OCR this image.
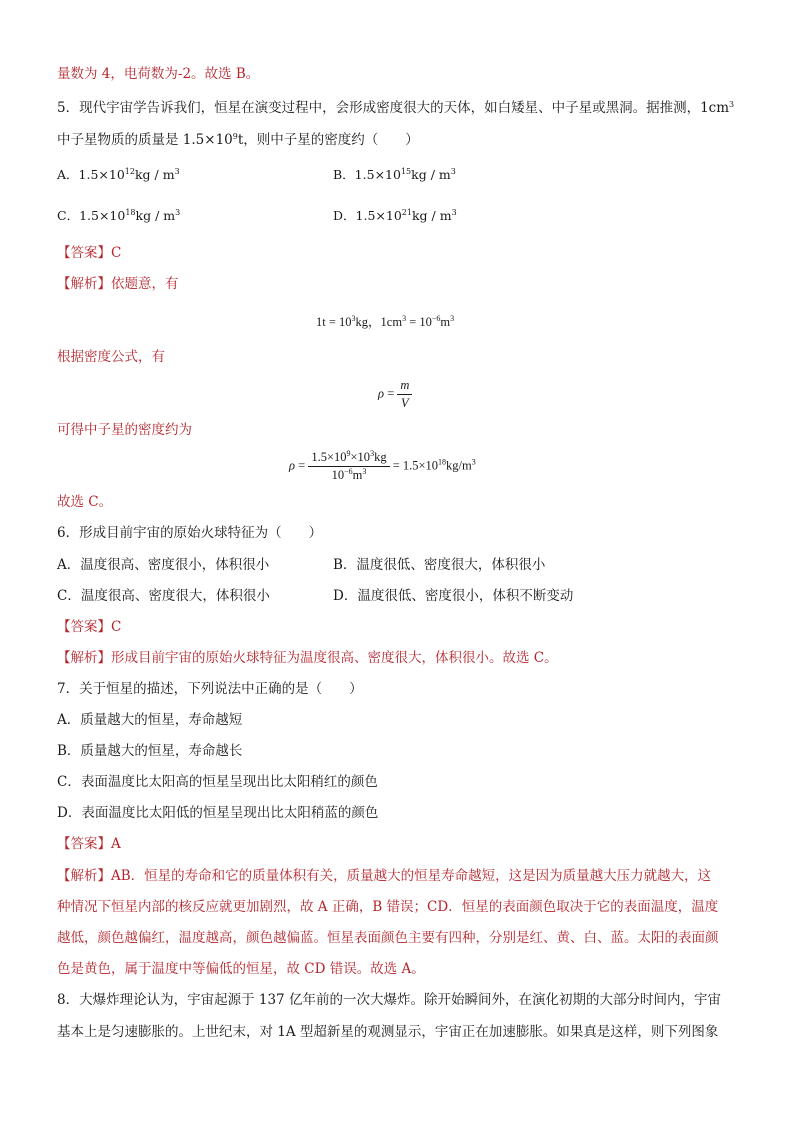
量数为 4，电荷数为-2。故选 B。
5．现代宇宙学告诉我们，恒星在演变过程中，会形成密度很大的天体，如白矮星、中子星或黑洞。据推测，$1cm^3$
中子星物质的质量是 $1.5\times 10^9t$，则中子星的密度约（　　）
A．$1.5\times 10^{12}kg / m^3$	B．$1.5\times 10^{15}kg / m^3$
C．$1.5\times 10^{18}kg / m^3$	D．$1.5\times 10^{21}kg / m^3$
【答案】C
【解析】依题意，有
$1t = 10^3kg$，$1cm^3 = 10^{-6}m^3$
根据密度公式，有
$\rho = \frac{m}{V}$
可得中子星的密度约为
$\rho = \frac{1.5\times 10^9\times 10^3kg}{10^{-6}m^3} = 1.5\times 10^{18}kg/m^3$
故选 C。
6．形成目前宇宙的原始火球特征为（　　）
A．温度很高、密度很小，体积很小	B．温度很低、密度很大，体积很小
C．温度很高、密度很大，体积很小	D．温度很低、密度很小，体积不断变动
【答案】C
【解析】形成目前宇宙的原始火球特征为温度很高、密度很大，体积很小。故选 C。
7．关于恒星的描述，下列说法中正确的是（　　）
A．质量越大的恒星，寿命越短
B．质量越大的恒星，寿命越长
C．表面温度比太阳高的恒星呈现出比太阳稍红的颜色
D．表面温度比太阳低的恒星呈现出比太阳稍蓝的颜色
【答案】A
【解析】AB．恒星的寿命和它的质量体积有关，质量越大的恒星寿命越短，这是因为质量越大压力就越大，这
种情况下恒星内部的核反应就更加剧烈，故 A 正确，B 错误；CD．恒星的表面颜色取决于它的表面温度，温度
越低，颜色越偏红，温度越高，颜色越偏蓝。恒星表面颜色主要有四种，分别是红、黄、白、蓝。太阳的表面颜
色是黄色，属于温度中等偏低的恒星，故 CD 错误。故选 A。
8．大爆炸理论认为，宇宙起源于 137 亿年前的一次大爆炸。除开始瞬间外，在演化初期的大部分时间内，宇宙
基本上是匀速膨胀的。上世纪末，对 1A 型超新星的观测显示，宇宙正在加速膨胀。如果真是这样，则下列图象
